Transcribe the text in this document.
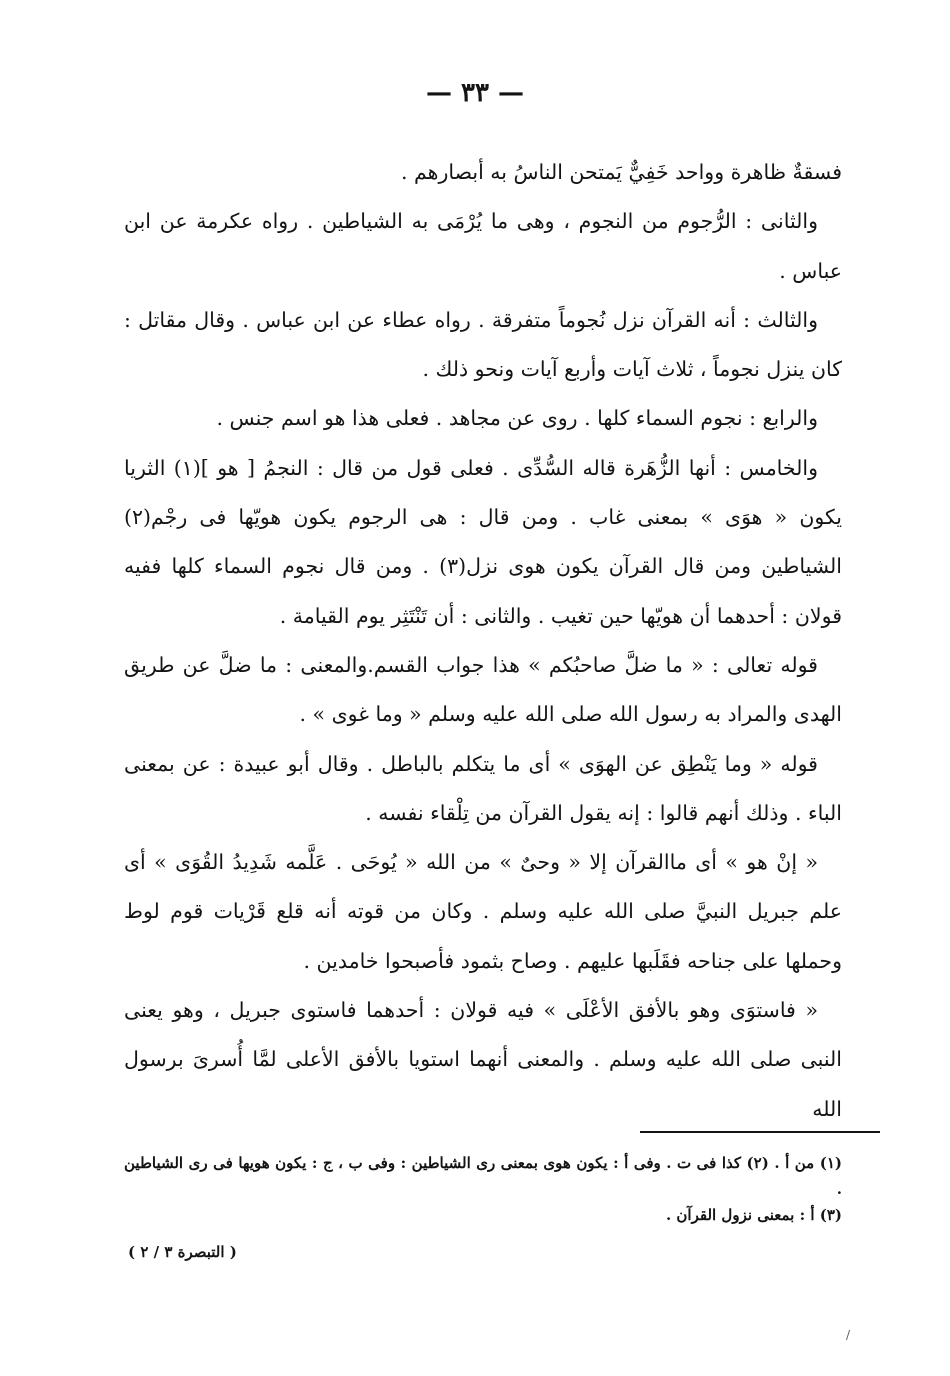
— ٣٣ —

فسقةٌ ظاهرة وواحد خَفِيٌّ يَمتحن الناسُ به أبصارهم .

والثانى : الرُّجوم من النجوم ، وهى ما يُرْمَى به الشياطين . رواه عكرمة عن ابن عباس .

والثالث : أنه القرآن نزل نُجوماً متفرقة . رواه عطاء عن ابن عباس . وقال مقاتل : كان ينزل نجوماً ، ثلاث آيات وأربع آيات ونحو ذلك .

والرابع : نجوم السماء كلها . روى عن مجاهد . فعلى هذا هو اسم جنس .

والخامس : أنها الزُّهَرة قاله السُّدِّى . فعلى قول من قال : النجمُ [ هو ](١) الثريا يكون « هوَى » بمعنى غاب . ومن قال : هى الرجوم يكون هويّها فى رجْم(٢) الشياطين ومن قال القرآن يكون هوى نزل(٣) . ومن قال نجوم السماء كلها ففيه قولان : أحدهما أن هويّها حين تغيب . والثانى : أن تَنْتَثِر يوم القيامة .

قوله تعالى : « ما ضلَّ صاحبُكم » هذا جواب القسم.والمعنى : ما ضلَّ عن طريق الهدى والمراد به رسول الله صلى الله عليه وسلم « وما غوى » .

قوله « وما يَنْطِق عن الهوَى » أى ما يتكلم بالباطل . وقال أبو عبيدة : عن بمعنى الباء . وذلك أنهم قالوا : إنه يقول القرآن من تِلْقاء نفسه .

« إنْ هو » أى ماالقرآن إلا « وحىٌ » من الله « يُوحَى . عَلَّمه شَدِيدُ القُوَى » أى علم جبريل النبيَّ صلى الله عليه وسلم . وكان من قوته أنه قلع قَرْيات قوم لوط وحملها على جناحه فقَلَبها عليهم . وصاح بثمود فأصبحوا خامدين .

« فاستوَى وهو بالأفق الأعْلَى » فيه قولان : أحدهما فاستوى جبريل ، وهو يعنى النبى صلى الله عليه وسلم . والمعنى أنهما استويا بالأفق الأعلى لمَّا أُسرىَ برسول الله

(١) من أ . (٢) كذا فى ت . وفى أ : يكون هوى بمعنى رى الشياطين : وفى ب ، ج : يكون هويها فى رى الشياطين .

(٣) أ : بمعنى نزول القرآن .

( التبصرة ٣ / ٢ )
/
